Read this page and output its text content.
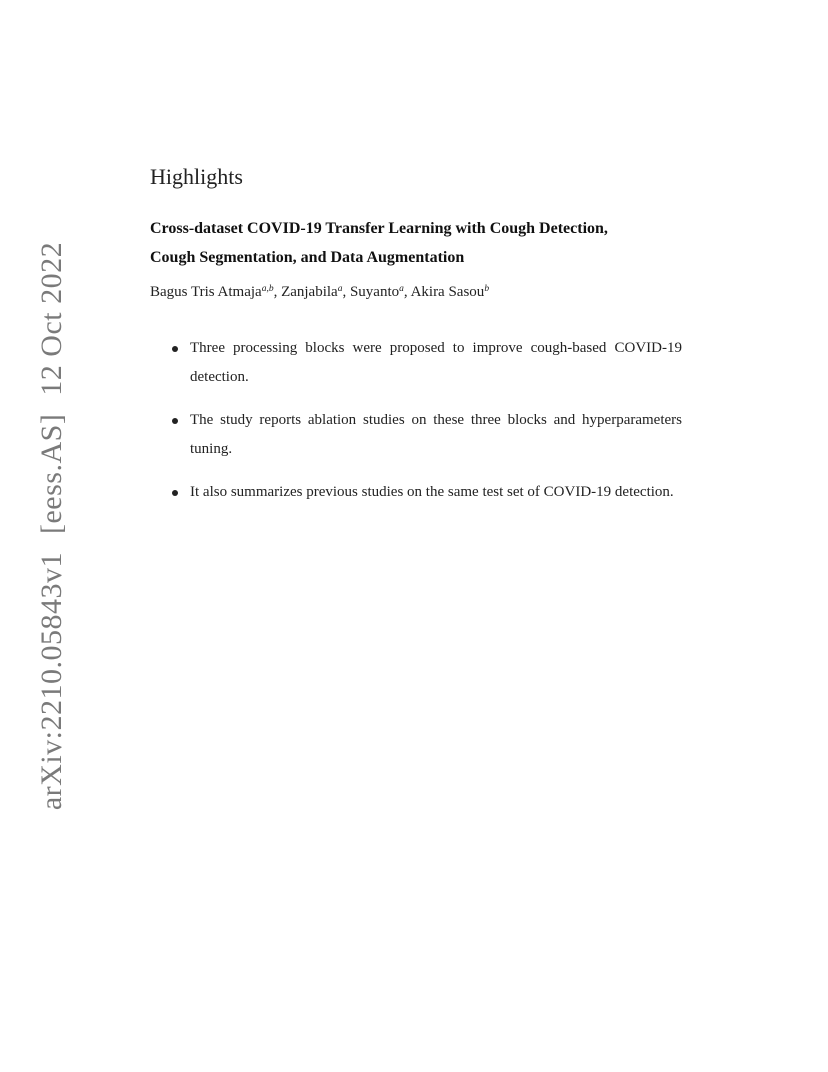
arXiv:2210.05843v1[eess.AS]12 Oct 2022
Highlights
Cross-dataset COVID-19 Transfer Learning with Cough Detection,
Cough Segmentation, and Data Augmentation
Bagus Tris Atmaja$^{a,b}$, Zanjabila$^a$, Suyanto$^a$, Akira Sasou$^b$
Three processing blocks were proposed to improve cough-based COVID-19 detection.
The study reports ablation studies on these three blocks and hyperparameters tuning.
It also summarizes previous studies on the same test set of COVID-19 detection.
